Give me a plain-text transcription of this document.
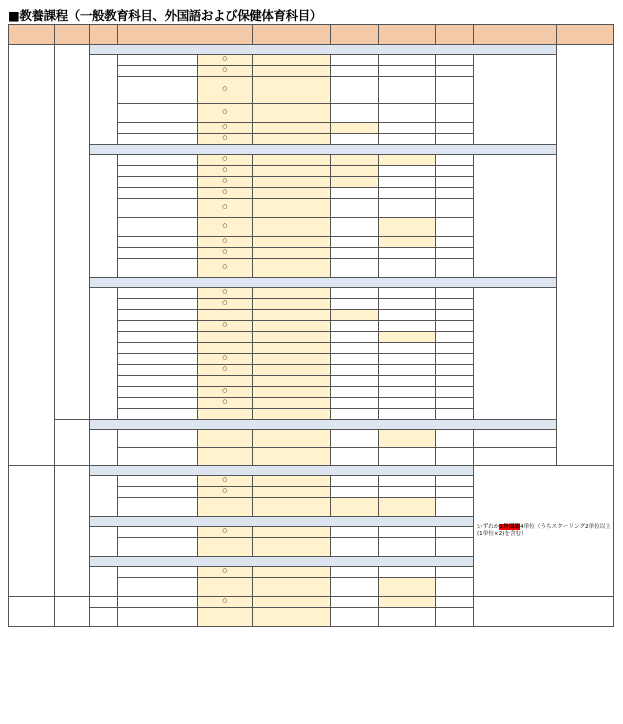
■教養課程（一般教育科目、外国語および保健体育科目）

				○						
				○						
				○						
				○						
				○						
				○						

				○						
				○						
				○						
				○						
				○						
				○						
				○						
				○						
				○						

				○						
				○						

				○						

				○						
				○						

				○						
				○						

									いずれか1外国語4単位（うちスクーリング2単位以上(1単位×2)を含む）	
				○						
				○						

				○						

				○						

				○						
